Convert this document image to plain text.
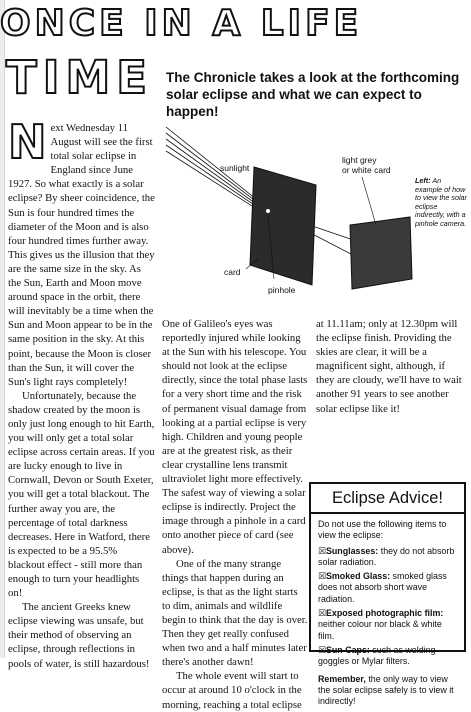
ONCE IN A LIFE
TIME The Chronicle takes a look at the forthcoming solar eclipse and what we can expect to happen!

Next Wednesday 11 August will see the first total solar eclipse in England since June 1927. So what exactly is a solar eclipse? By sheer coincidence, the Sun is four hundred times the diameter of the Moon and is also four hundred times further away. This gives us the illusion that they are the same size in the sky. As the Sun, Earth and Moon move around space in the orbit, there will inevitably be a time when the Sun and Moon appear to be in the same position in the sky. At this point, because the Moon is closer than the Sun, it will cover the Sun's light rays completely!

Unfortunately, because the shadow created by the moon is only just long enough to hit Earth, you will only get a total solar eclipse across certain areas. If you are lucky enough to live in Cornwall, Devon or South Exeter, you will get a total blackout. The further away you are, the percentage of total darkness decreases. Here in Watford, there is expected to be a 95.5% blackout effect - still more than enough to turn your headlights on!

The ancient Greeks knew eclipse viewing was unsafe, but their method of observing an eclipse, through reflections in pools of water, is still hazardous!

sunlight
light grey
or white card
card
pinhole
Left: An example of how to view the solar eclipse indirectly, with a pinhole camera.

One of Galileo's eyes was reportedly injured while looking at the Sun with his telescope. You should not look at the eclipse directly, since the total phase lasts for a very short time and the risk of permanent visual damage from looking at a partial eclipse is very high. Children and young people are at the greatest risk, as their clear crystalline lens transmit ultraviolet light more effectively. The safest way of viewing a solar eclipse is indirectly. Project the image through a pinhole in a card onto another piece of card (see above).

One of the many strange things that happen during an eclipse, is that as the light starts to dim, animals and wildlife begin to think that the day is over. Then they get really confused when two and a half minutes later there's another dawn!

The whole event will start to occur at around 10 o'clock in the morning, reaching a total eclipse

at 11.11am; only at 12.30pm will the eclipse finish. Providing the skies are clear, it will be a magnificent sight, although, if they are cloudy, we'll have to wait another 91 years to see another solar eclipse like it!

Eclipse Advice!
Do not use the following items to view the eclipse:
☒Sunglasses: they do not absorb solar radiation.
☒Smoked Glass: smoked glass does not absorb short wave radiation.
☒Exposed photographic film: neither colour nor black & white film.
☒Sun Caps: such as welding goggles or Mylar filters.
Remember, the only way to view the solar eclipse safely is to view it indirectly!
